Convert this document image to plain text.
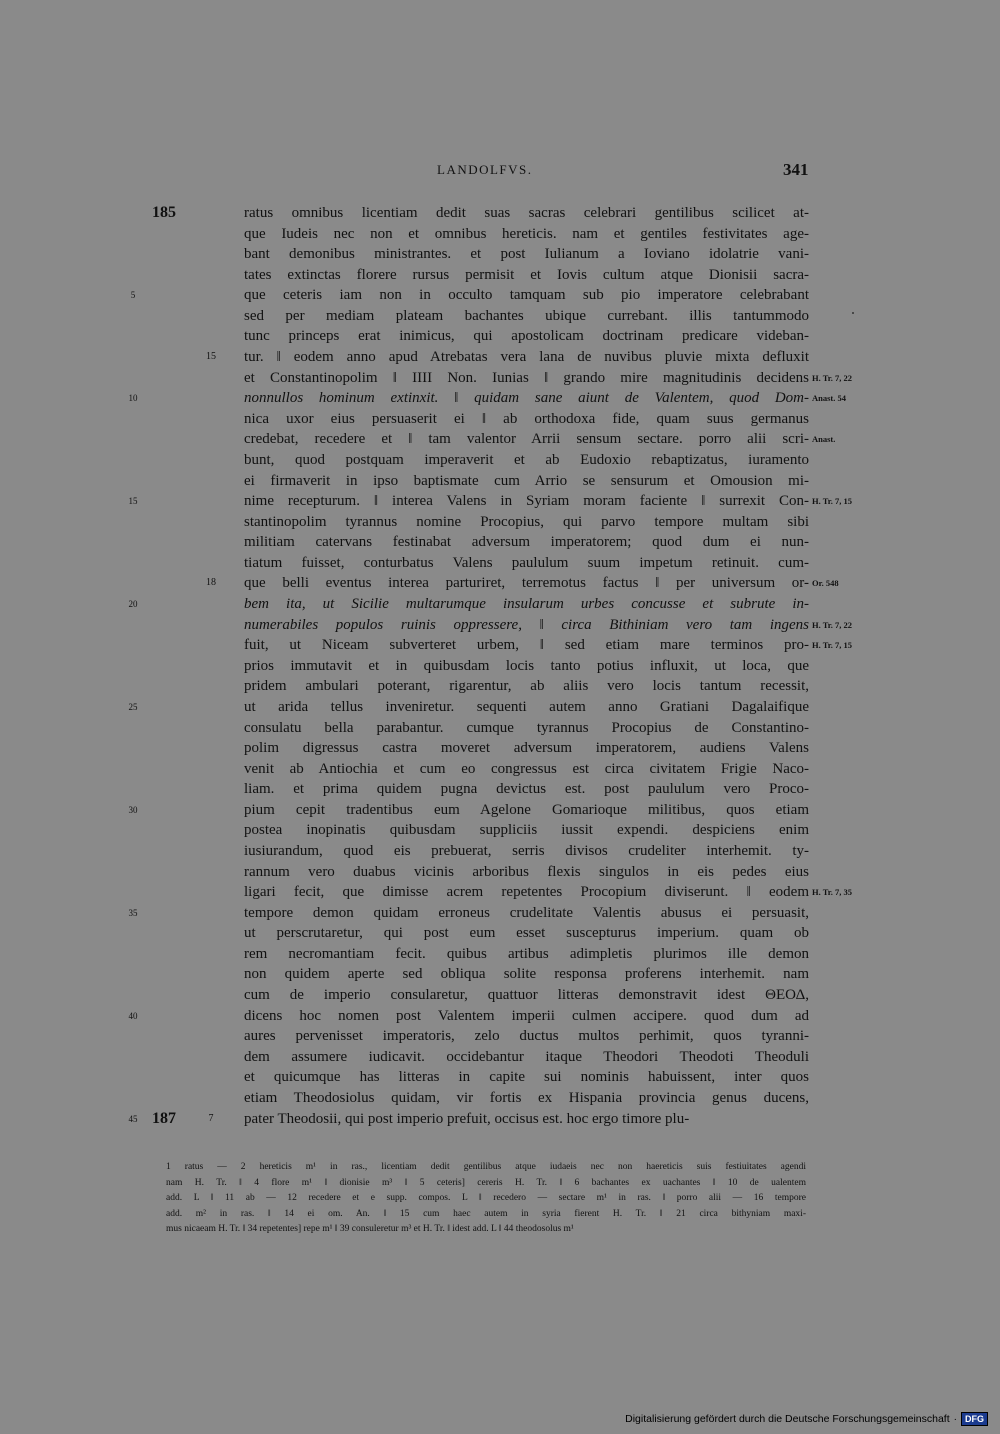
LANDOLFVS.	341
ratus omnibus licentiam dedit suas sacras celebrari gentilibus scilicet at-
185
que Iudeis nec non et omnibus hereticis. nam et gentiles festivitates age-
bant demonibus ministrantes. et post Iulianum a Ioviano idolatrie vani-
tates extinctas florere rursus permisit et Iovis cultum atque Dionisii sacra-
que ceteris iam non in occulto tamquam sub pio imperatore celebrabant
5
sed per mediam plateam bachantes ubique currebant. illis tantummodo
tunc princeps erat inimicus, qui apostolicam doctrinam predicare videban-
tur. ‖ eodem anno apud Atrebatas vera lana de nuvibus pluvie mixta defluxit
15
et Constantinopolim ‖ IIII Non. Iunias ‖ grando mire magnitudinis decidens H. Tr. 7, 22
nonnullos hominum extinxit. ‖ quidam sane aiunt de Valentem, quod Dom-
10	Anast. 54
nica uxor eius persuaserit ei ‖ ab orthodoxa fide, quam suus germanus
credebat, recedere et ‖ tam valentor Arrii sensum sectare. porro alii scri- Anast.
bunt, quod postquam imperaverit et ab Eudoxio rebaptizatus, iuramento
ei firmaverit in ipso baptismate cum Arrio se sensurum et Omousion mi-
nime recepturum. ‖ interea Valens in Syriam moram faciente ‖ surrexit Con-
15	H. Tr. 7, 15
stantinopolim tyrannus nomine Procopius, qui parvo tempore multam sibi
militiam catervans festinabat adversum imperatorem; quod dum ei nun-
tiatum fuisset, conturbatus Valens paululum suum impetum retinuit. cum-
que belli eventus interea parturiret, terremotus factus ‖ per universum or-
18	Or. 548
bem ita, ut Sicilie multarumque insularum urbes concusse et subrute in-
20
numerabiles populos ruinis oppressere, ‖ circa Bithiniam vero tam ingens H. Tr. 7, 22
fuit, ut Niceam subverteret urbem, ‖ sed etiam mare terminos pro- H. Tr. 7, 15
prios immutavit et in quibusdam locis tanto potius influxit, ut loca, que
pridem ambulari poterant, rigarentur, ab aliis vero locis tantum recessit,
ut arida tellus inveniretur. sequenti autem anno Gratiani Dagalaifique
25
consulatu bella parabantur. cumque tyrannus Procopius de Constantino-
polim digressus castra moveret adversum imperatorem, audiens Valens
venit ab Antiochia et cum eo congressus est circa civitatem Frigie Naco-
liam. et prima quidem pugna devictus est. post paululum vero Proco-
pium cepit tradentibus eum Agelone Gomarioque militibus, quos etiam
30
postea inopinatis quibusdam suppliciis iussit expendi. despiciens enim
iusiurandum, quod eis prebuerat, serris divisos crudeliter interhemit. ty-
rannum vero duabus vicinis arboribus flexis singulos in eis pedes eius
ligari fecit, que dimisse acrem repetentes Procopium diviserunt. ‖ eodem H. Tr. 7, 35
tempore demon quidam erroneus crudelitate Valentis abusus ei persuasit,
35
ut perscrutaretur, qui post eum esset suscepturus imperium. quam ob
rem necromantiam fecit. quibus artibus adimpletis plurimos ille demon
non quidem aperte sed obliqua solite responsa proferens interhemit. nam
cum de imperio consularetur, quattuor litteras demonstravit idest ΘΕΟΔ,
dicens hoc nomen post Valentem imperii culmen accipere. quod dum ad
40
aures pervenisset imperatoris, zelo ductus multos perhimit, quos tyranni-
dem assumere iudicavit. occidebantur itaque Theodori Theodoti Theoduli
et quicumque has litteras in capite sui nominis habuissent, inter quos
etiam Theodosiolus quidam, vir fortis ex Hispania provincia genus ducens,
pater Theodosii, qui post imperio prefuit, occisus est. hoc ergo timore plu-
45	7
187
1 ratus — 2 hereticis m¹ in ras., licentiam dedit gentilibus atque iudaeis nec non haereticis suis festiuitates agendi
nam H. Tr. ‖ 4 flore m¹ ‖ dionisie m³ ‖ 5 ceteris] cereris H. Tr. ‖ 6 bachantes ex uachantes ‖ 10 de ualentem
add. L ‖ 11 ab — 12 recedere et e supp. compos. L ‖ recedero — sectare m¹ in ras. ‖ porro alii — 16 tempore
add. m² in ras. ‖ 14 ei om. An. ‖ 15 cum haec autem in syria fierent H. Tr. ‖ 21 circa bithyniam maxi-
mus nicaeam H. Tr. ‖ 34 repetentes] repe m¹ ‖ 39 consuleretur m³ et H. Tr. ‖ idest add. L ‖ 44 theodosolus m¹
Digitalisierung gefördert durch die Deutsche Forschungsgemeinschaft · DFG
